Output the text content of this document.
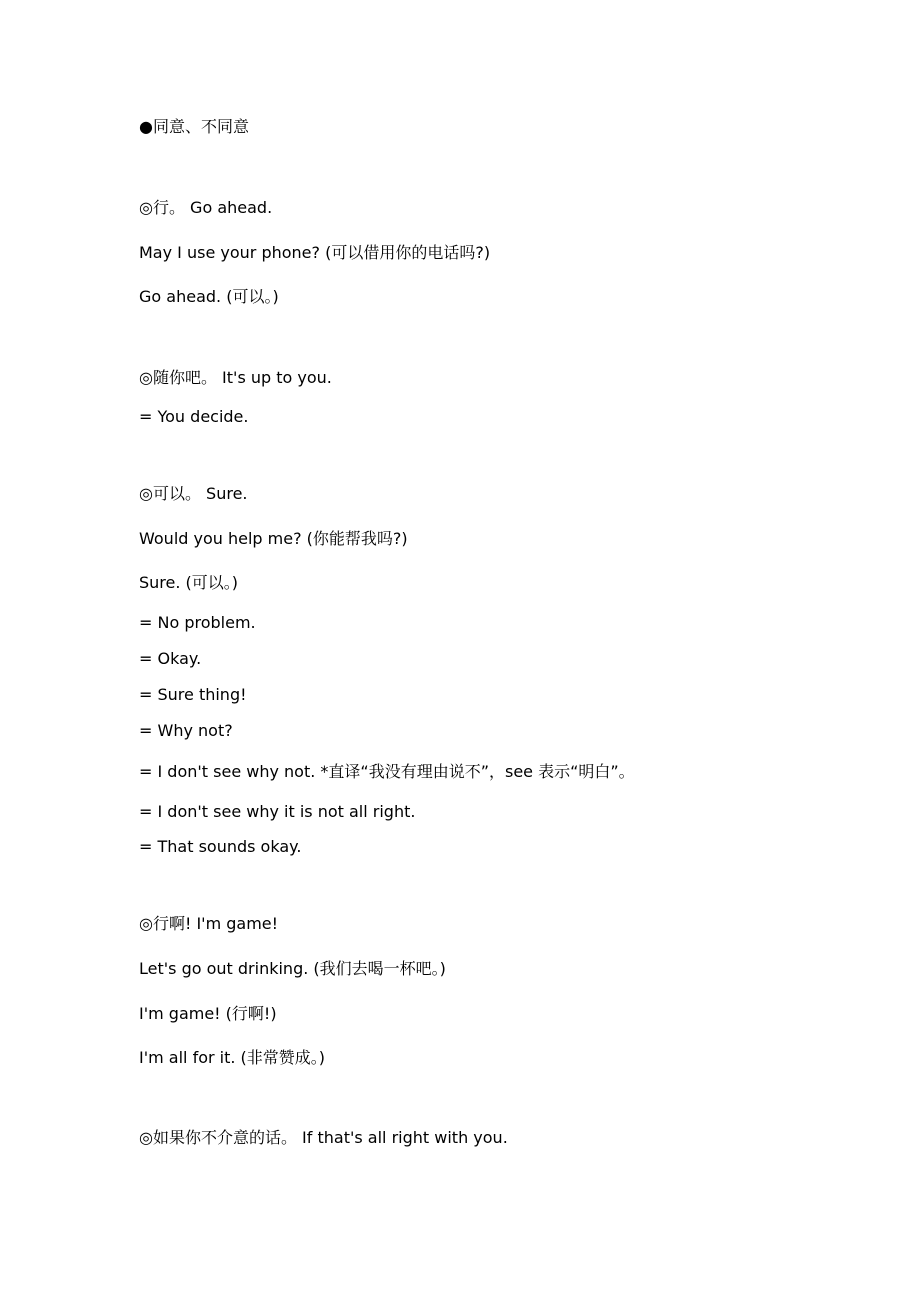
●同意、不同意
◎行。 Go ahead.
May I use your phone? (可以借用你的电话吗?)
Go ahead. (可以。)
◎随你吧。 It's up to you.
= You decide.
◎可以。 Sure.
Would you help me? (你能帮我吗?)
Sure. (可以。)
= No problem.
= Okay.
= Sure thing!
= Why not?
= I don't see why not. *直译“我没有理由说不”，see 表示“明白”。
= I don't see why it is not all right.
= That sounds okay.
◎行啊! I'm game!
Let's go out drinking. (我们去喝一杯吧。)
I'm game! (行啊!)
I'm all for it. (非常赞成。)
◎如果你不介意的话。 If that's all right with you.
